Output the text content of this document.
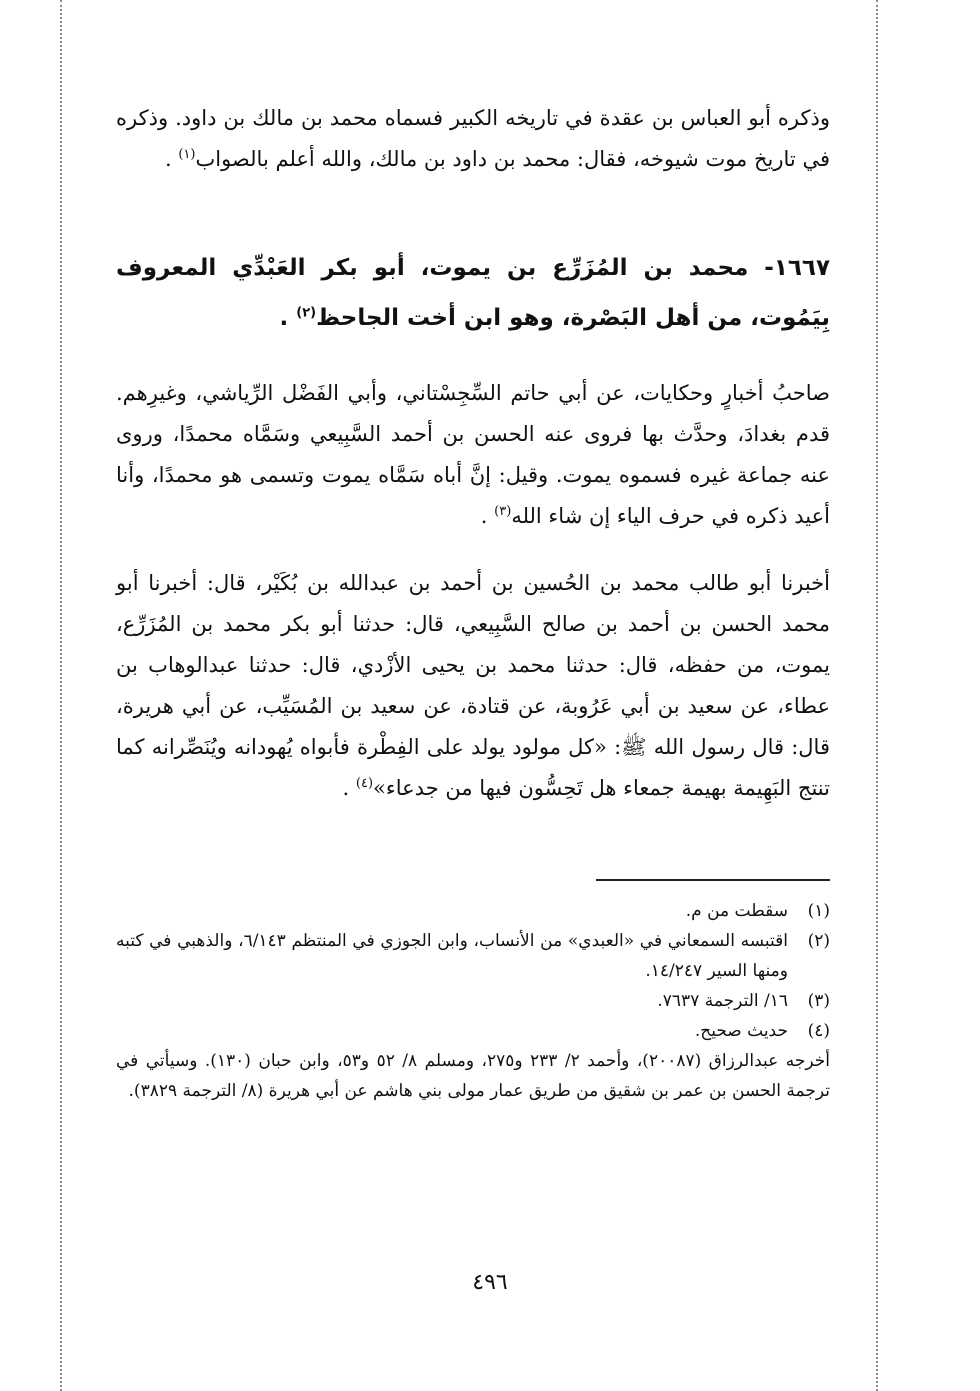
وذكره أبو العباس بن عقدة في تاريخه الكبير فسماه محمد بن مالك بن داود. وذكره في تاريخ موت شيوخه، فقال: محمد بن داود بن مالك، والله أعلم بالصواب$^{(١)}$ .
١٦٦٧- محمد بن المُزَرِّع بن يموت، أبو بكر العَبْدِّي المعروف بِيَمُوت، من أهل البَصْرة، وهو ابن أخت الجاحظ$^{(٢)}$ .
صاحبُ أخبارٍ وحكايات، عن أبي حاتم السِّجِسْتاني، وأبي الفَضْل الرِّياشي، وغيرِهم. قدم بغدادَ، وحدَّث بها فروى عنه الحسن بن أحمد السَّبِيعي وسَمَّاه محمدًا، وروى عنه جماعة غيره فسموه يموت. وقيل: إنَّ أباه سَمَّاه يموت وتسمى هو محمدًا، وأنا أعيد ذكره في حرف الياء إن شاء الله$^{(٣)}$ .
أخبرنا أبو طالب محمد بن الحُسين بن أحمد بن عبدالله بن بُكَيْر، قال: أخبرنا أبو محمد الحسن بن أحمد بن صالح السَّبِيعي، قال: حدثنا أبو بكر محمد بن المُزَرِّع، يموت، من حفظه، قال: حدثنا محمد بن يحيى الأزْدي، قال: حدثنا عبدالوهاب بن عطاء، عن سعيد بن أبي عَرُوبة، عن قتادة، عن سعيد بن المُسَيِّب، عن أبي هريرة، قال: قال رسول الله ﷺ: «كل مولود يولد على الفِطْرة فأبواه يُهودانه ويُنَصِّرانه كما تنتج البَهِيمة بهيمة جمعاء هل تَحِسُّون فيها من جدعاء»$^{(٤)}$ .
(١)
سقطت من م.
(٢)
اقتبسه السمعاني في «العبدي» من الأنساب، وابن الجوزي في المنتظم ٦/١٤٣، والذهبي في كتبه ومنها السير ١٤/٢٤٧.
(٣)
١٦/ الترجمة ٧٦٣٧.
(٤)
حديث صحيح.
أخرجه عبدالرزاق (٢٠٠٨٧)، وأحمد ٢/ ٢٣٣ و٢٧٥، ومسلم ٨/ ٥٢ و٥٣، وابن حبان (١٣٠). وسيأتي في ترجمة الحسن بن عمر بن شقيق من طريق عمار مولى بني هاشم عن أبي هريرة (٨/ الترجمة ٣٨٢٩).
٤٩٦
